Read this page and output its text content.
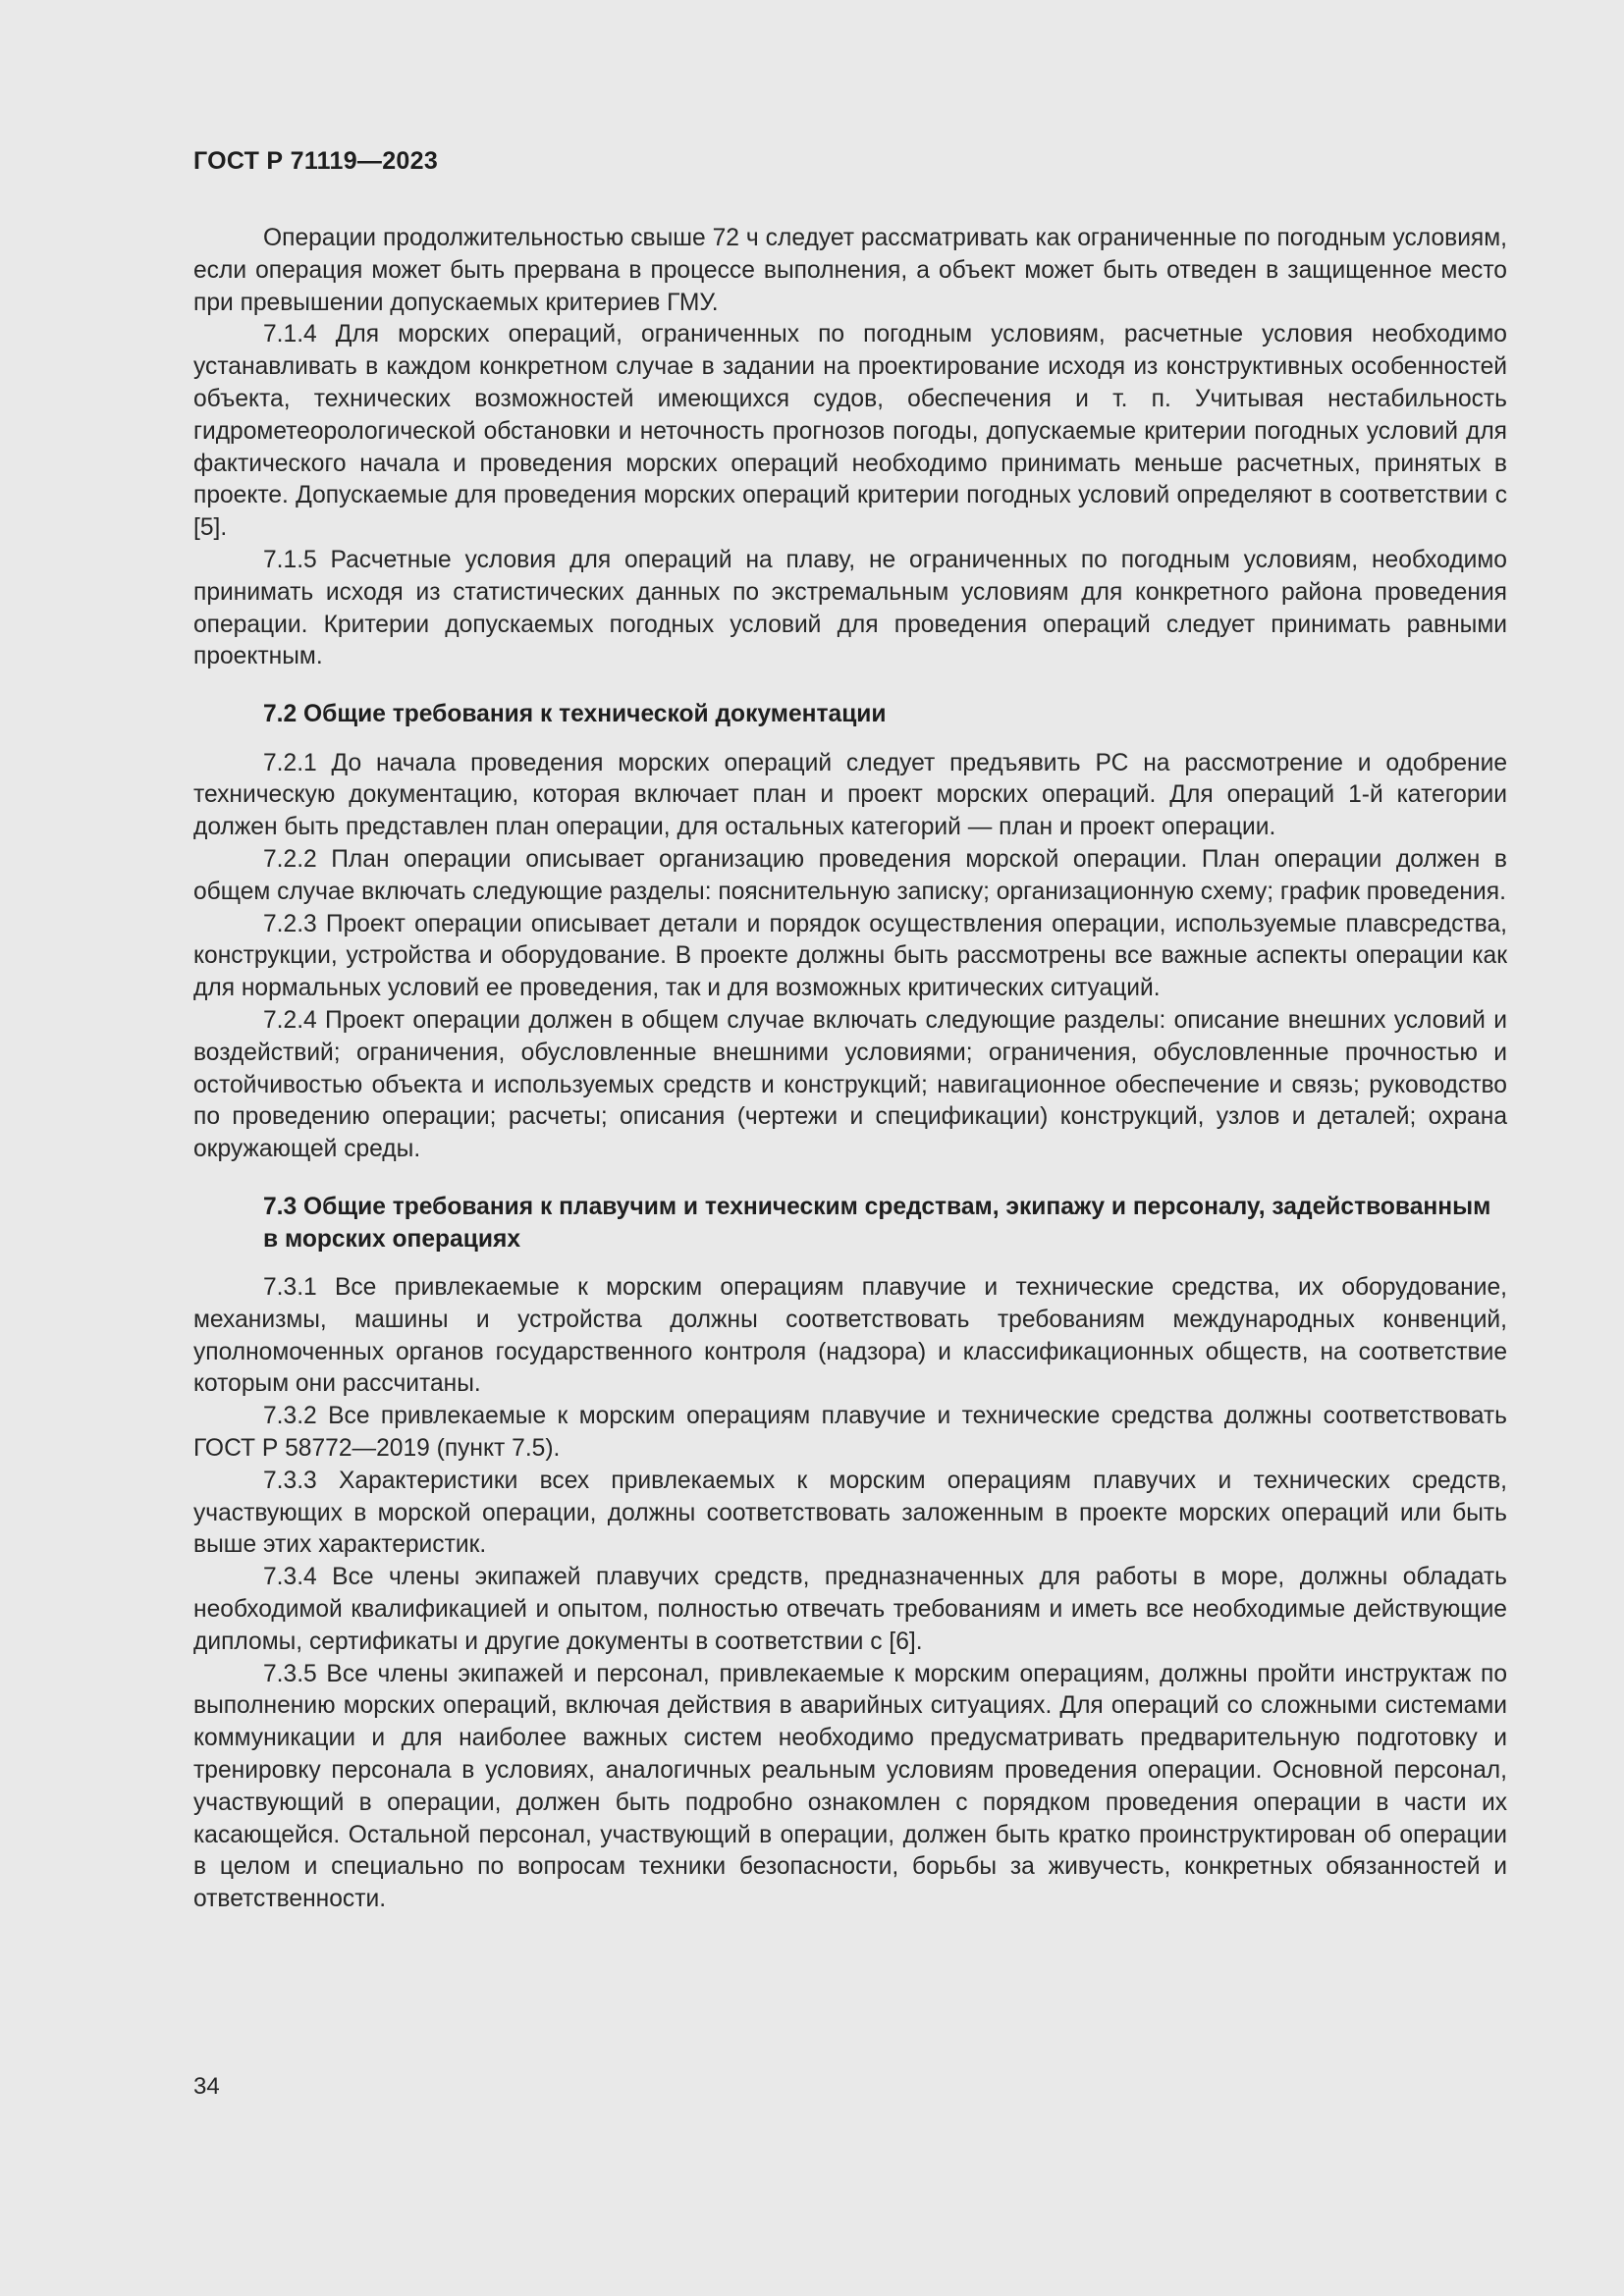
ГОСТ Р 71119—2023

Операции продолжительностью свыше 72 ч следует рассматривать как ограниченные по погодным условиям, если операция может быть прервана в процессе выполнения, а объект может быть отведен в защищенное место при превышении допускаемых критериев ГМУ.

7.1.4 Для морских операций, ограниченных по погодным условиям, расчетные условия необходимо устанавливать в каждом конкретном случае в задании на проектирование исходя из конструктивных особенностей объекта, технических возможностей имеющихся судов, обеспечения и т. п. Учитывая нестабильность гидрометеорологической обстановки и неточность прогнозов погоды, допускаемые критерии погодных условий для фактического начала и проведения морских операций необходимо принимать меньше расчетных, принятых в проекте. Допускаемые для проведения морских операций критерии погодных условий определяют в соответствии с [5].

7.1.5 Расчетные условия для операций на плаву, не ограниченных по погодным условиям, необходимо принимать исходя из статистических данных по экстремальным условиям для конкретного района проведения операции. Критерии допускаемых погодных условий для проведения операций следует принимать равными проектным.

7.2 Общие требования к технической документации

7.2.1 До начала проведения морских операций следует предъявить РС на рассмотрение и одобрение техническую документацию, которая включает план и проект морских операций. Для операций 1-й категории должен быть представлен план операции, для остальных категорий — план и проект операции.

7.2.2 План операции описывает организацию проведения морской операции. План операции должен в общем случае включать следующие разделы: пояснительную записку; организационную схему; график проведения.

7.2.3 Проект операции описывает детали и порядок осуществления операции, используемые плавсредства, конструкции, устройства и оборудование. В проекте должны быть рассмотрены все важные аспекты операции как для нормальных условий ее проведения, так и для возможных критических ситуаций.

7.2.4 Проект операции должен в общем случае включать следующие разделы: описание внешних условий и воздействий; ограничения, обусловленные внешними условиями; ограничения, обусловленные прочностью и остойчивостью объекта и используемых средств и конструкций; навигационное обеспечение и связь; руководство по проведению операции; расчеты; описания (чертежи и спецификации) конструкций, узлов и деталей; охрана окружающей среды.

7.3 Общие требования к плавучим и техническим средствам, экипажу и персоналу, задействованным в морских операциях

7.3.1 Все привлекаемые к морским операциям плавучие и технические средства, их оборудование, механизмы, машины и устройства должны соответствовать требованиям международных конвенций, уполномоченных органов государственного контроля (надзора) и классификационных обществ, на соответствие которым они рассчитаны.

7.3.2 Все привлекаемые к морским операциям плавучие и технические средства должны соответствовать ГОСТ Р 58772—2019 (пункт 7.5).

7.3.3 Характеристики всех привлекаемых к морским операциям плавучих и технических средств, участвующих в морской операции, должны соответствовать заложенным в проекте морских операций или быть выше этих характеристик.

7.3.4 Все члены экипажей плавучих средств, предназначенных для работы в море, должны обладать необходимой квалификацией и опытом, полностью отвечать требованиям и иметь все необходимые действующие дипломы, сертификаты и другие документы в соответствии с [6].

7.3.5 Все члены экипажей и персонал, привлекаемые к морским операциям, должны пройти инструктаж по выполнению морских операций, включая действия в аварийных ситуациях. Для операций со сложными системами коммуникации и для наиболее важных систем необходимо предусматривать предварительную подготовку и тренировку персонала в условиях, аналогичных реальным условиям проведения операции. Основной персонал, участвующий в операции, должен быть подробно ознакомлен с порядком проведения операции в части их касающейся. Остальной персонал, участвующий в операции, должен быть кратко проинструктирован об операции в целом и специально по вопросам техники безопасности, борьбы за живучесть, конкретных обязанностей и ответственности.

34
